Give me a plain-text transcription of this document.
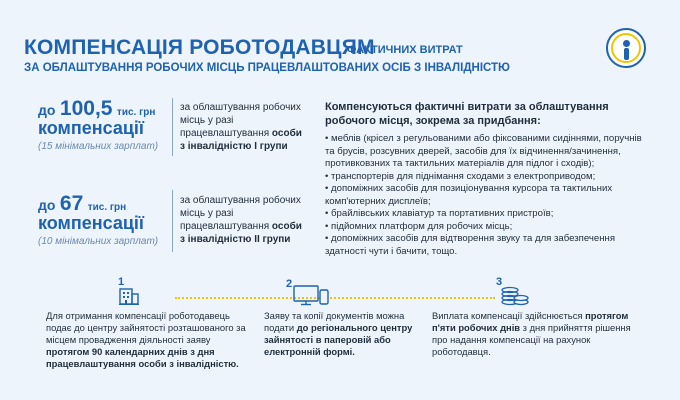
КОМПЕНСАЦІЯ РОБОТОДАВЦЯМ
ФАКТИЧНИХ ВИТРАТ
ЗА ОБЛАШТУВАННЯ РОБОЧИХ МІСЦЬ ПРАЦЕВЛАШТОВАНИХ ОСІБ З ІНВАЛІДНІСТЮ
до 100,5 тис. грн
компенсації
(15 мінімальних зарплат)
за облаштування робочих місць у разі працевлаштування особи з інвалідністю І групи
до 67 тис. грн
компенсації
(10 мінімальних зарплат)
за облаштування робочих місць у разі працевлаштування особи з інвалідністю ІІ групи
Компенсуються фактичні витрати за облаштування робочого місця, зокрема за придбання:
• меблів (крісел з регульованими або фіксованими сидіннями, поручнів та брусів, розсувних дверей, засобів для їх відчинення/зачинення, противковзних та тактильних матеріалів для підлог і сходів);
• транспортерів для піднімання сходами з електроприводом;
• допоміжних засобів для позиціонування курсора та тактильних комп'ютерних дисплеїв;
• брайлівських клавіатур та портативних пристроїв;
• підйомних платформ для робочих місць;
• допоміжних засобів для відтворення звуку та для забезпечення здатності чути і бачити, тощо.
1
Для отримання компенсації роботодавець подає до центру зайнятості розташованого за місцем провадження діяльності заяву протягом 90 календарних днів з дня працевлаштування особи з інвалідністю.
2
Заяву та копії документів можна подати до регіонального центру зайнятості в паперовій або електронній формі.
3
Виплата компенсації здійснюється протягом п'яти робочих днів з дня прийняття рішення про надання компенсації на рахунок роботодавця.
